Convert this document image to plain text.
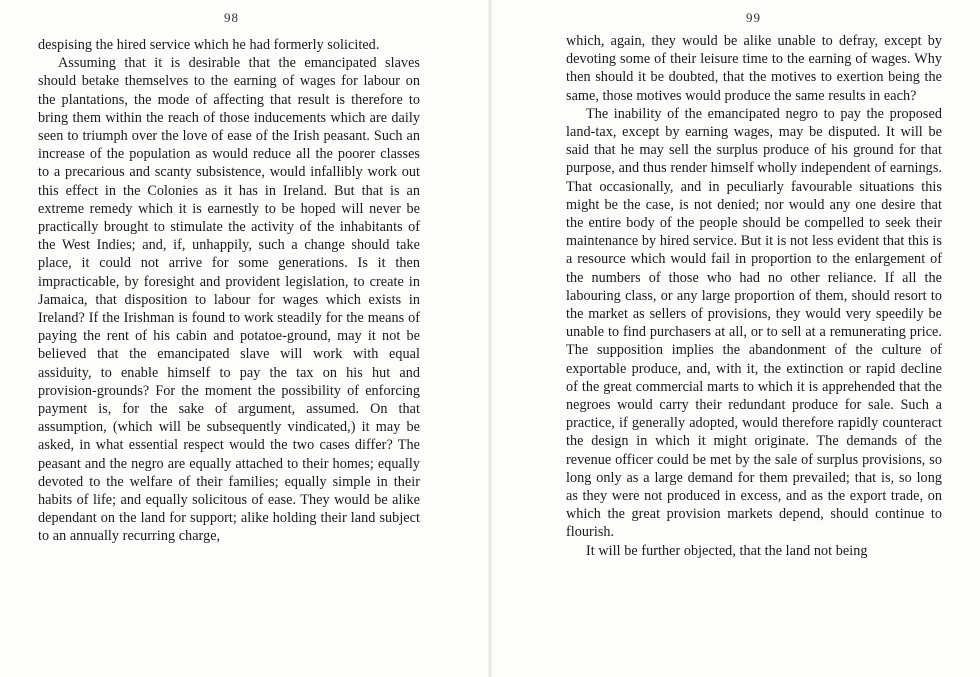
98

despising the hired service which he had formerly solicited.

Assuming that it is desirable that the emancipated slaves should betake themselves to the earning of wages for labour on the plantations, the mode of affecting that result is therefore to bring them within the reach of those inducements which are daily seen to triumph over the love of ease of the Irish peasant. Such an increase of the population as would reduce all the poorer classes to a precarious and scanty subsistence, would infallibly work out this effect in the Colonies as it has in Ireland. But that is an extreme remedy which it is earnestly to be hoped will never be practically brought to stimulate the activity of the inhabitants of the West Indies; and, if, unhappily, such a change should take place, it could not arrive for some generations. Is it then impracticable, by foresight and provident legislation, to create in Jamaica, that disposition to labour for wages which exists in Ireland? If the Irishman is found to work steadily for the means of paying the rent of his cabin and potatoe-ground, may it not be believed that the emancipated slave will work with equal assiduity, to enable himself to pay the tax on his hut and provision-grounds? For the moment the possibility of enforcing payment is, for the sake of argument, assumed. On that assumption, (which will be subsequently vindicated,) it may be asked, in what essential respect would the two cases differ? The peasant and the negro are equally attached to their homes; equally devoted to the welfare of their families; equally simple in their habits of life; and equally solicitous of ease. They would be alike dependant on the land for support; alike holding their land subject to an annually recurring charge,

99

which, again, they would be alike unable to defray, except by devoting some of their leisure time to the earning of wages. Why then should it be doubted, that the motives to exertion being the same, those motives would produce the same results in each?

The inability of the emancipated negro to pay the proposed land-tax, except by earning wages, may be disputed. It will be said that he may sell the surplus produce of his ground for that purpose, and thus render himself wholly independent of earnings. That occasionally, and in peculiarly favourable situations this might be the case, is not denied; nor would any one desire that the entire body of the people should be compelled to seek their maintenance by hired service. But it is not less evident that this is a resource which would fail in proportion to the enlargement of the numbers of those who had no other reliance. If all the labouring class, or any large proportion of them, should resort to the market as sellers of provisions, they would very speedily be unable to find purchasers at all, or to sell at a remunerating price. The supposition implies the abandonment of the culture of exportable produce, and, with it, the extinction or rapid decline of the great commercial marts to which it is apprehended that the negroes would carry their redundant produce for sale. Such a practice, if generally adopted, would therefore rapidly counteract the design in which it might originate. The demands of the revenue officer could be met by the sale of surplus provisions, so long only as a large demand for them prevailed; that is, so long as they were not produced in excess, and as the export trade, on which the great provision markets depend, should continue to flourish.

It will be further objected, that the land not being
